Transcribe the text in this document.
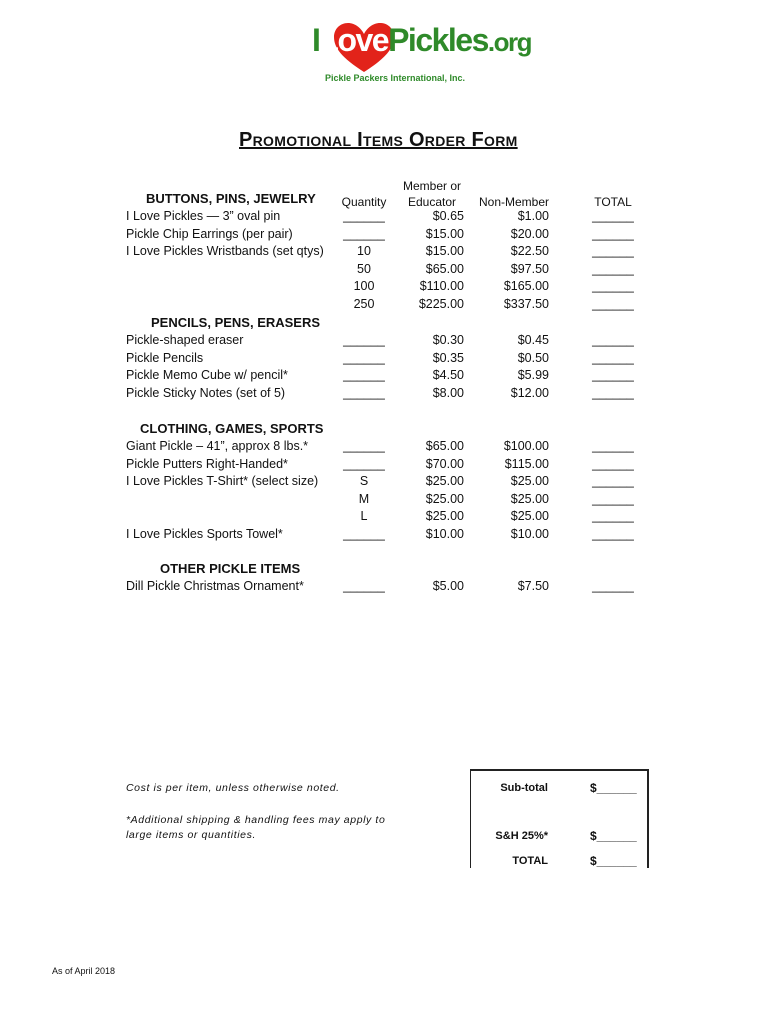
ILovePickles.org
Pickle Packers International, Inc.
Promotional Items Order Form
Quantity
Member or
Educator	Non-Member	TOTAL
BUTTONS, PINS, JEWELRY
I Love Pickles — 3” oval pin	______	$0.65	$1.00	______
Pickle Chip Earrings (per pair)	______	$15.00	$20.00	______
I Love Pickles Wristbands (set qtys)	10	$15.00	$22.50	______
50	$65.00	$97.50	______
100	$110.00	$165.00	______
250	$225.00	$337.50	______
PENCILS, PENS, ERASERS
Pickle-shaped eraser	______	$0.30	$0.45	______
Pickle Pencils	______	$0.35	$0.50	______
Pickle Memo Cube w/ pencil*	______	$4.50	$5.99	______
Pickle Sticky Notes (set of 5)	______	$8.00	$12.00	______
CLOTHING, GAMES, SPORTS
Giant Pickle – 41”, approx 8 lbs.*	______	$65.00	$100.00	______
Pickle Putters Right-Handed*	______	$70.00	$115.00	______
I Love Pickles T-Shirt* (select size)	S	$25.00	$25.00	______
M	$25.00	$25.00	______
L	$25.00	$25.00	______
I Love Pickles Sports Towel*	______	$10.00	$10.00	______
OTHER PICKLE ITEMS
Dill Pickle Christmas Ornament*	______	$5.00	$7.50	______
Cost is per item, unless otherwise noted.
*Additional shipping & handling fees may apply to large items or quantities.
Sub-total	$______
S&H 25%*	$______
TOTAL	$______
As of April 2018
